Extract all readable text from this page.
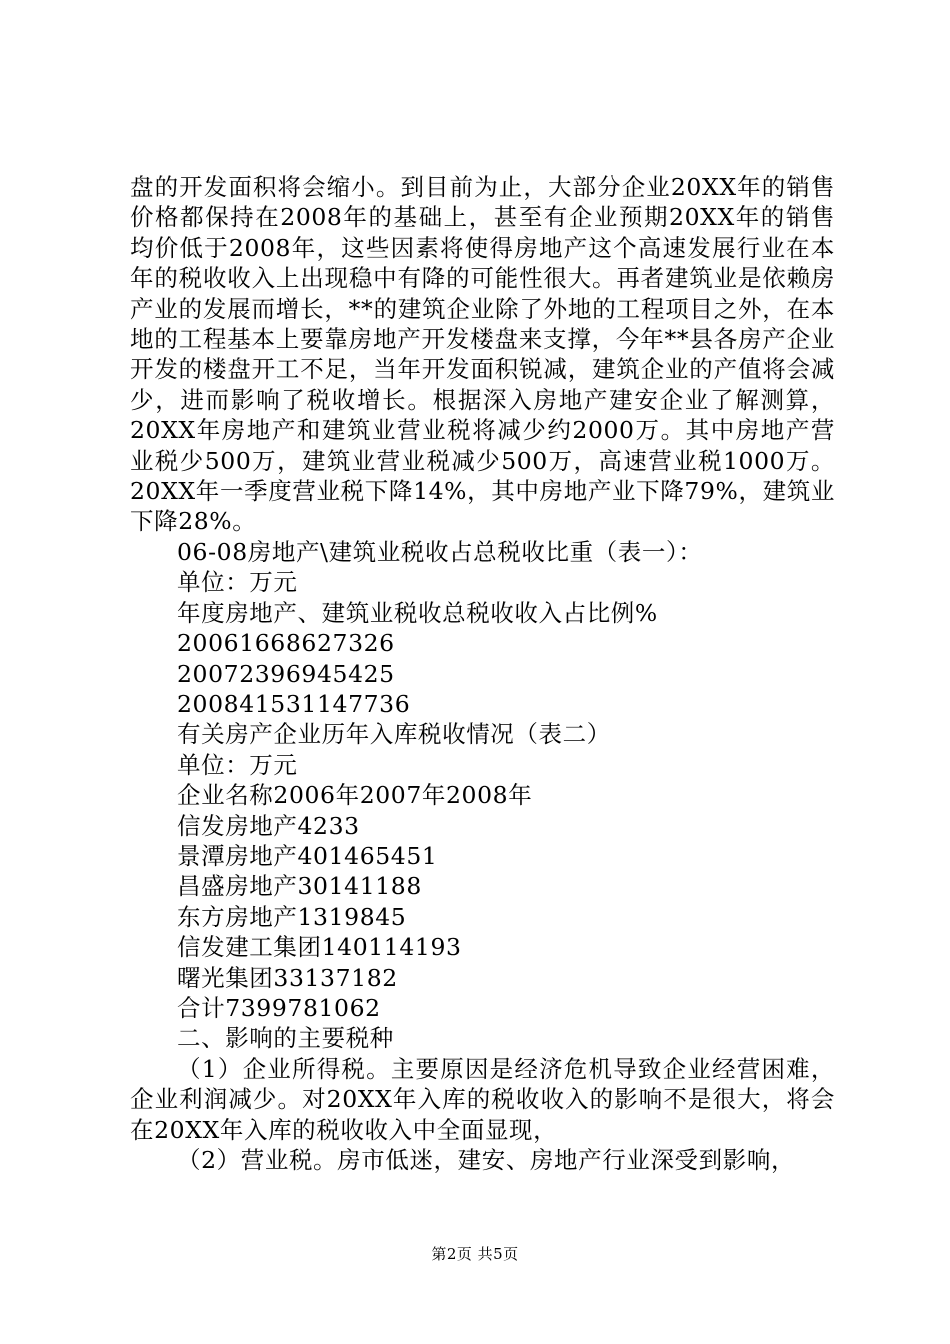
盘的开发面积将会缩小。到目前为止，大部分企业20XX年的销售价格都保持在2008年的基础上，甚至有企业预期20XX年的销售均价低于2008年，这些因素将使得房地产这个高速发展行业在本年的税收收入上出现稳中有降的可能性很大。再者建筑业是依赖房产业的发展而增长，**的建筑企业除了外地的工程项目之外，在本地的工程基本上要靠房地产开发楼盘来支撑，今年**县各房产企业开发的楼盘开工不足，当年开发面积锐减，建筑企业的产值将会减少，进而影响了税收增长。根据深入房地产建安企业了解测算，20XX年房地产和建筑业营业税将减少约2000万。其中房地产营业税少500万，建筑业营业税减少500万，高速营业税1000万。20XX年一季度营业税下降14%，其中房地产业下降79%，建筑业下降28%。

06-08房地产\建筑业税收占总税收比重（表一）：

单位：万元

年度房地产、建筑业税收总税收收入占比例%

20061668627326

20072396945425

200841531147736

有关房产企业历年入库税收情况（表二）

单位：万元

企业名称2006年2007年2008年

信发房地产4233

景潭房地产401465451

昌盛房地产30141188

东方房地产1319845

信发建工集团140114193

曙光集团33137182

合计7399781062

二、影响的主要税种

（1）企业所得税。主要原因是经济危机导致企业经营困难，企业利润减少。对20XX年入库的税收收入的影响不是很大，将会在20XX年入库的税收收入中全面显现，

（2）营业税。房市低迷，建安、房地产行业深受到影响，

第2页 共5页
